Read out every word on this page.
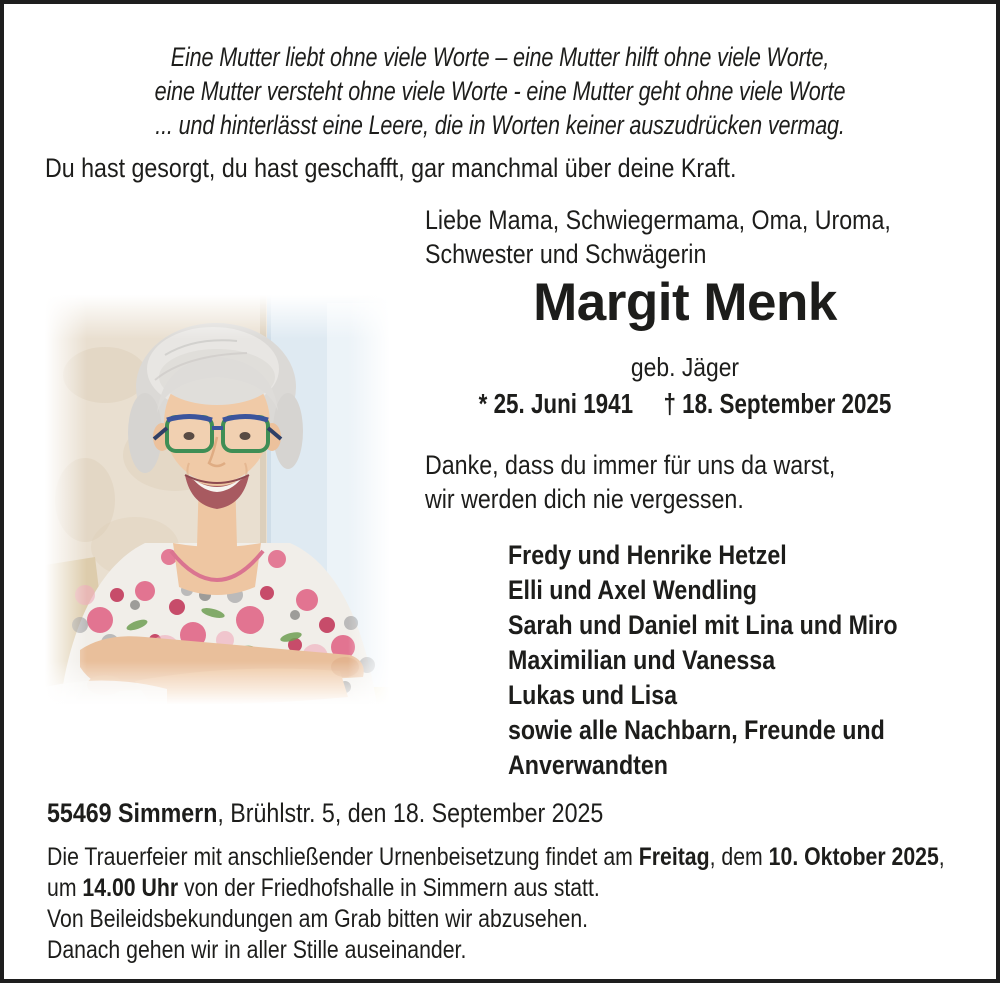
Eine Mutter liebt ohne viele Worte – eine Mutter hilft ohne viele Worte,
eine Mutter versteht ohne viele Worte - eine Mutter geht ohne viele Worte
... und hinterlässt eine Leere, die in Worten keiner auszudrücken vermag.
Du hast gesorgt, du hast geschafft, gar manchmal über deine Kraft.
Liebe Mama, Schwiegermama, Oma, Uroma,
Schwester und Schwägerin
Margit Menk
geb. Jäger
* 25. Juni 1941 † 18. September 2025
Danke, dass du immer für uns da warst,
wir werden dich nie vergessen.
Fredy und Henrike Hetzel
Elli und Axel Wendling
Sarah und Daniel mit Lina und Miro
Maximilian und Vanessa
Lukas und Lisa
sowie alle Nachbarn, Freunde und Anverwandten
55469 Simmern, Brühlstr. 5, den 18. September 2025
Die Trauerfeier mit anschließender Urnenbeisetzung findet am Freitag, dem 10. Oktober 2025,
um 14.00 Uhr von der Friedhofshalle in Simmern aus statt.
Von Beileidsbekundungen am Grab bitten wir abzusehen.
Danach gehen wir in aller Stille auseinander.
